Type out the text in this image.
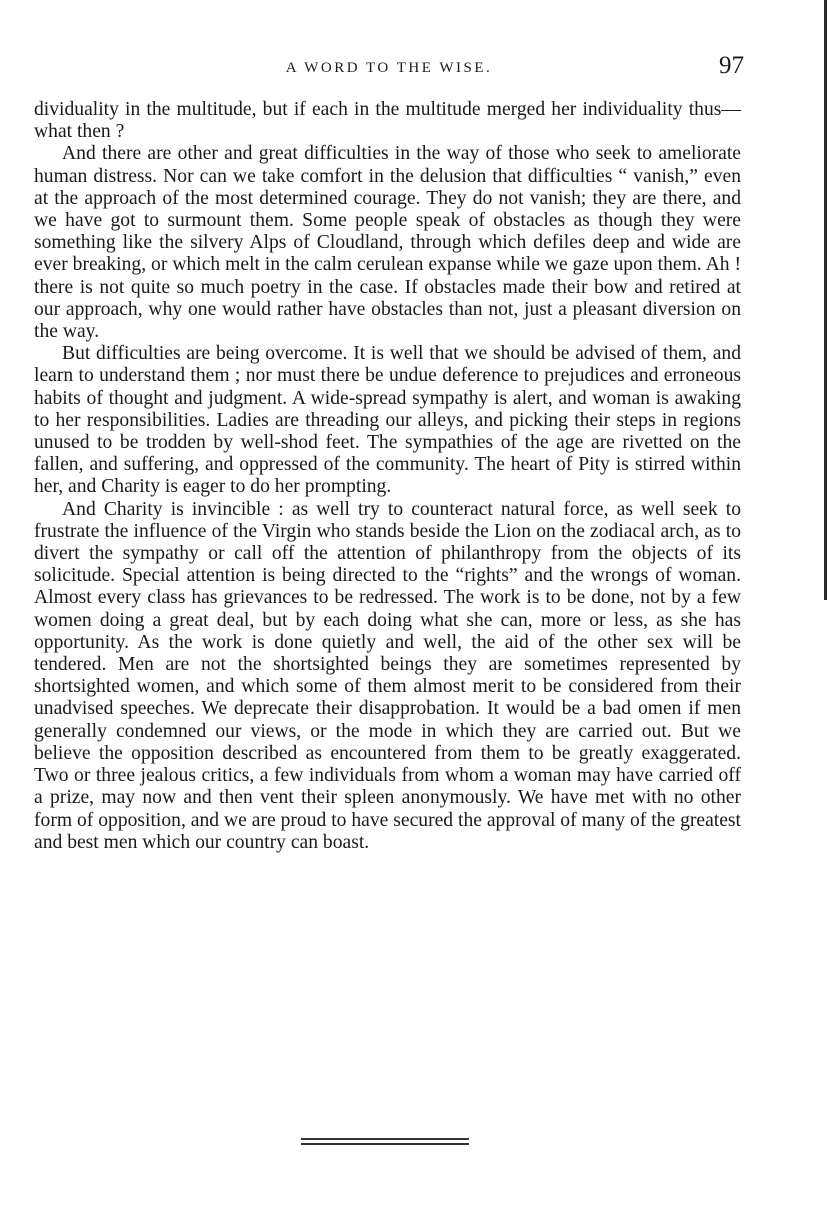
A WORD TO THE WISE.	97

dividuality in the multitude, but if each in the multitude merged her individuality thus—what then ?

And there are other and great difficulties in the way of those who seek to ameliorate human distress. Nor can we take comfort in the delusion that difficulties “ vanish,” even at the approach of the most determined courage. They do not vanish; they are there, and we have got to surmount them. Some people speak of obstacles as though they were something like the silvery Alps of Cloudland, through which defiles deep and wide are ever breaking, or which melt in the calm cerulean expanse while we gaze upon them. Ah ! there is not quite so much poetry in the case. If obstacles made their bow and retired at our approach, why one would rather have obstacles than not, just a pleasant diversion on the way.

But difficulties are being overcome. It is well that we should be advised of them, and learn to understand them ; nor must there be undue deference to prejudices and erroneous habits of thought and judgment. A wide-spread sympathy is alert, and woman is awaking to her responsibilities. Ladies are threading our alleys, and picking their steps in regions unused to be trodden by well-shod feet. The sympathies of the age are rivetted on the fallen, and suffering, and oppressed of the community. The heart of Pity is stirred within her, and Charity is eager to do her prompting.

And Charity is invincible : as well try to counteract natural force, as well seek to frustrate the influence of the Virgin who stands beside the Lion on the zodiacal arch, as to divert the sympathy or call off the attention of philanthropy from the objects of its solicitude. Special attention is being directed to the “rights” and the wrongs of woman. Almost every class has grievances to be redressed. The work is to be done, not by a few women doing a great deal, but by each doing what she can, more or less, as she has opportunity. As the work is done quietly and well, the aid of the other sex will be tendered. Men are not the shortsighted beings they are sometimes represented by shortsighted women, and which some of them almost merit to be considered from their unadvised speeches. We deprecate their disapprobation. It would be a bad omen if men generally condemned our views, or the mode in which they are carried out. But we believe the opposition described as encountered from them to be greatly exaggerated. Two or three jealous critics, a few individuals from whom a woman may have carried off a prize, may now and then vent their spleen anonymously. We have met with no other form of opposition, and we are proud to have secured the approval of many of the greatest and best men which our country can boast.
